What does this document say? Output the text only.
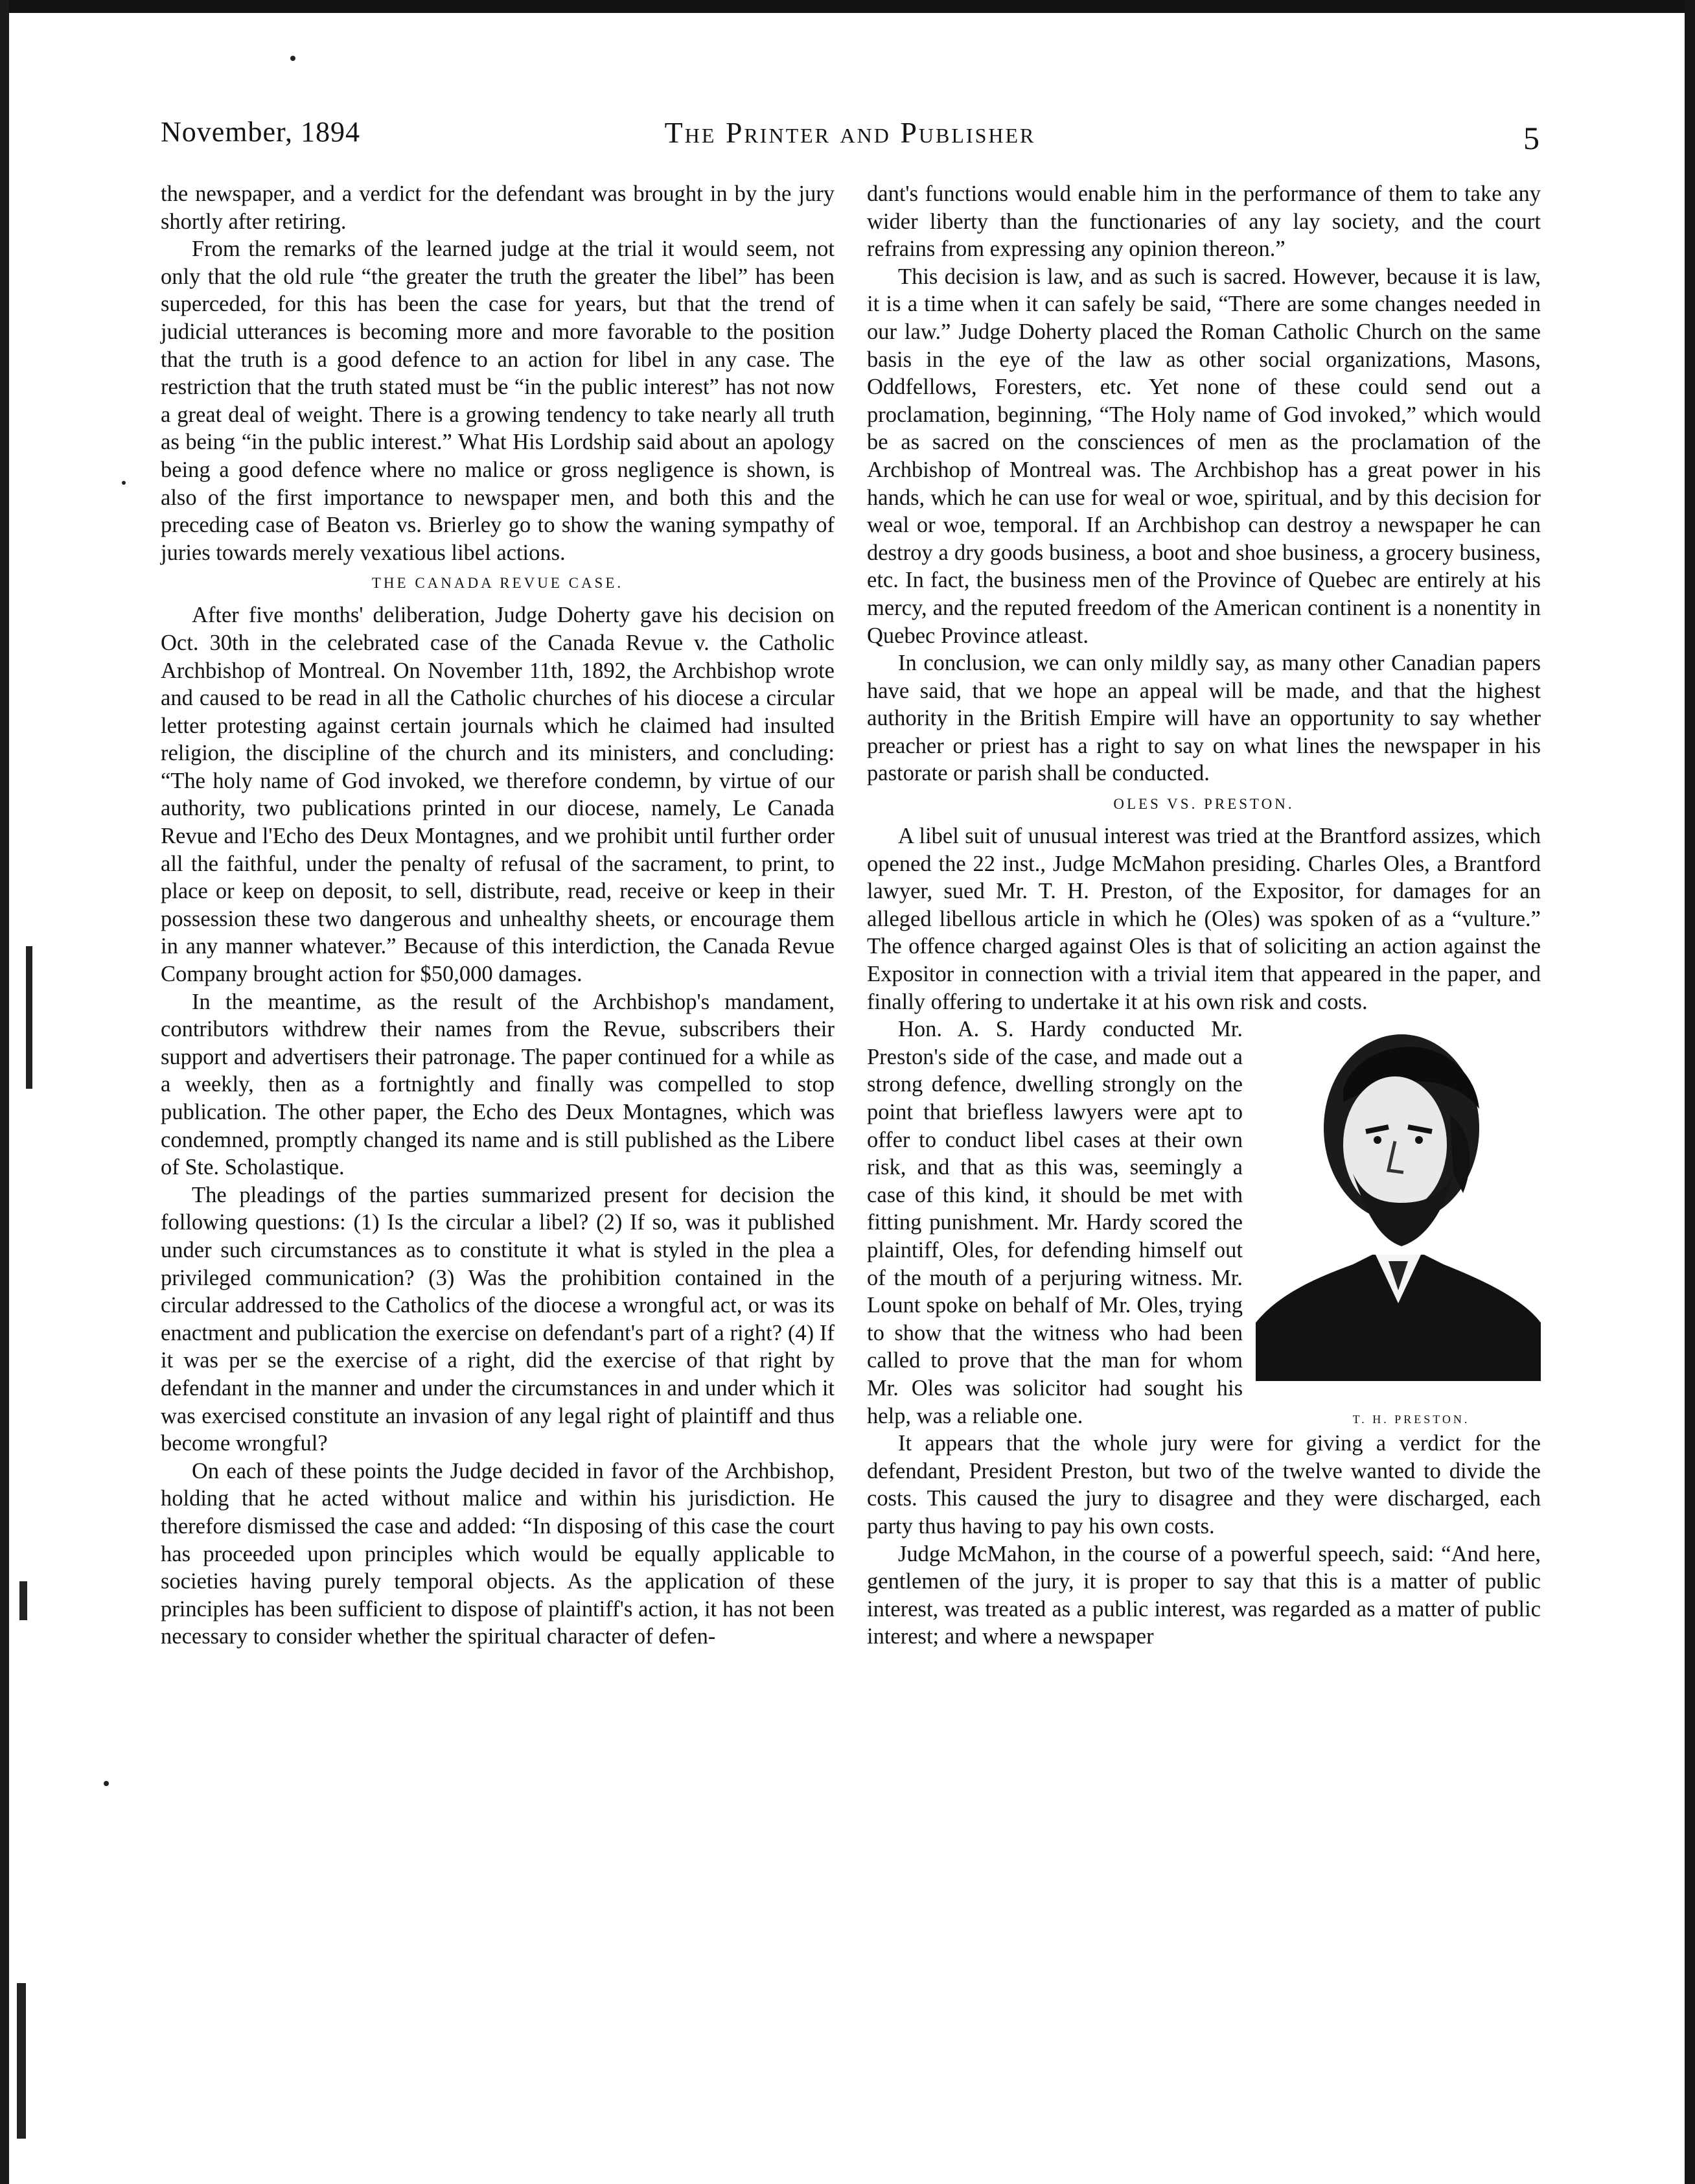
November, 1894	The Printer and Publisher	5

the newspaper, and a verdict for the defendant was brought in by the jury shortly after retiring.

From the remarks of the learned judge at the trial it would seem, not only that the old rule “the greater the truth the greater the libel” has been superceded, for this has been the case for years, but that the trend of judicial utterances is becoming more and more favorable to the position that the truth is a good defence to an action for libel in any case. The restriction that the truth stated must be “in the public interest” has not now a great deal of weight. There is a growing tendency to take nearly all truth as being “in the public interest.” What His Lordship said about an apology being a good defence where no malice or gross negligence is shown, is also of the first importance to newspaper men, and both this and the preceding case of Beaton vs. Brierley go to show the waning sympathy of juries towards merely vexatious libel actions.

THE CANADA REVUE CASE.

After five months' deliberation, Judge Doherty gave his decision on Oct. 30th in the celebrated case of the Canada Revue v. the Catholic Archbishop of Montreal. On November 11th, 1892, the Archbishop wrote and caused to be read in all the Catholic churches of his diocese a circular letter protesting against certain journals which he claimed had insulted religion, the discipline of the church and its ministers, and concluding: “The holy name of God invoked, we therefore condemn, by virtue of our authority, two publications printed in our diocese, namely, Le Canada Revue and l'Echo des Deux Montagnes, and we prohibit until further order all the faithful, under the penalty of refusal of the sacrament, to print, to place or keep on deposit, to sell, distribute, read, receive or keep in their possession these two dangerous and unhealthy sheets, or encourage them in any manner whatever.” Because of this interdiction, the Canada Revue Company brought action for $50,000 damages.

In the meantime, as the result of the Archbishop's mandament, contributors withdrew their names from the Revue, subscribers their support and advertisers their patronage. The paper continued for a while as a weekly, then as a fortnightly and finally was compelled to stop publication. The other paper, the Echo des Deux Montagnes, which was condemned, promptly changed its name and is still published as the Libere of Ste. Scholastique.

The pleadings of the parties summarized present for decision the following questions: (1) Is the circular a libel? (2) If so, was it published under such circumstances as to constitute it what is styled in the plea a privileged communication? (3) Was the prohibition contained in the circular addressed to the Catholics of the diocese a wrongful act, or was its enactment and publication the exercise on defendant's part of a right? (4) If it was per se the exercise of a right, did the exercise of that right by defendant in the manner and under the circumstances in and under which it was exercised constitute an invasion of any legal right of plaintiff and thus become wrongful?

On each of these points the Judge decided in favor of the Archbishop, holding that he acted without malice and within his jurisdiction. He therefore dismissed the case and added: “In disposing of this case the court has proceeded upon principles which would be equally applicable to societies having purely temporal objects. As the application of these principles has been sufficient to dispose of plaintiff's action, it has not been necessary to consider whether the spiritual character of defen-

dant's functions would enable him in the performance of them to take any wider liberty than the functionaries of any lay society, and the court refrains from expressing any opinion thereon.”

This decision is law, and as such is sacred. However, because it is law, it is a time when it can safely be said, “There are some changes needed in our law.” Judge Doherty placed the Roman Catholic Church on the same basis in the eye of the law as other social organizations, Masons, Oddfellows, Foresters, etc. Yet none of these could send out a proclamation, beginning, “The Holy name of God invoked,” which would be as sacred on the consciences of men as the proclamation of the Archbishop of Montreal was. The Archbishop has a great power in his hands, which he can use for weal or woe, spiritual, and by this decision for weal or woe, temporal. If an Archbishop can destroy a newspaper he can destroy a dry goods business, a boot and shoe business, a grocery business, etc. In fact, the business men of the Province of Quebec are entirely at his mercy, and the reputed freedom of the American continent is a nonentity in Quebec Province atleast.

In conclusion, we can only mildly say, as many other Canadian papers have said, that we hope an appeal will be made, and that the highest authority in the British Empire will have an opportunity to say whether preacher or priest has a right to say on what lines the newspaper in his pastorate or parish shall be conducted.

OLES VS. PRESTON.

A libel suit of unusual interest was tried at the Brantford assizes, which opened the 22 inst., Judge McMahon presiding. Charles Oles, a Brantford lawyer, sued Mr. T. H. Preston, of the Expositor, for damages for an alleged libellous article in which he (Oles) was spoken of as a “vulture.” The offence charged against Oles is that of soliciting an action against the Expositor in connection with a trivial item that appeared in the paper, and finally offering to undertake it at his own risk and costs.

T. H. PRESTON.

Hon. A. S. Hardy conducted Mr. Preston's side of the case, and made out a strong defence, dwelling strongly on the point that briefless lawyers were apt to offer to conduct libel cases at their own risk, and that as this was, seemingly a case of this kind, it should be met with fitting punishment. Mr. Hardy scored the plaintiff, Oles, for defending himself out of the mouth of a perjuring witness. Mr. Lount spoke on behalf of Mr. Oles, trying to show that the witness who had been called to prove that the man for whom Mr. Oles was solicitor had sought his help, was a reliable one.

It appears that the whole jury were for giving a verdict for the defendant, President Preston, but two of the twelve wanted to divide the costs. This caused the jury to disagree and they were discharged, each party thus having to pay his own costs.

Judge McMahon, in the course of a powerful speech, said: “And here, gentlemen of the jury, it is proper to say that this is a matter of public interest, was treated as a public interest, was regarded as a matter of public interest; and where a newspaper
